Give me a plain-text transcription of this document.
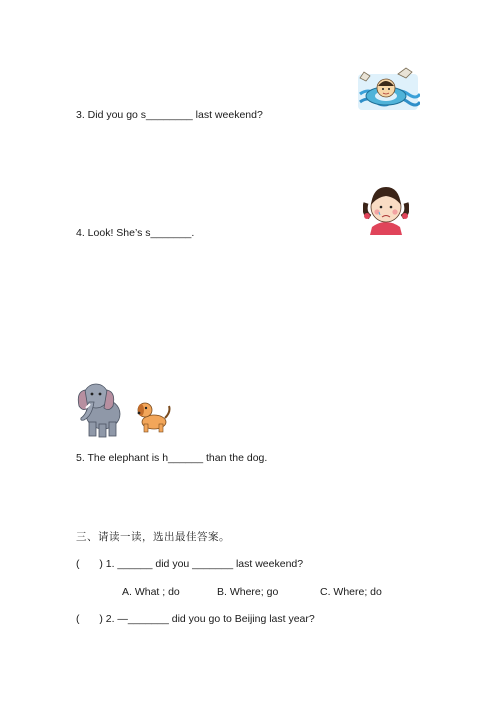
3. Did you go s________ last weekend?
4. Look! She’s s_______.
5. The elephant is h______ than the dog.
三、请读一读，选出最佳答案。
( ) 1. ______ did you _______ last weekend?
A. What ; do	B. Where; go	C. Where; do
( ) 2. —_______ did you go to Beijing last year?
